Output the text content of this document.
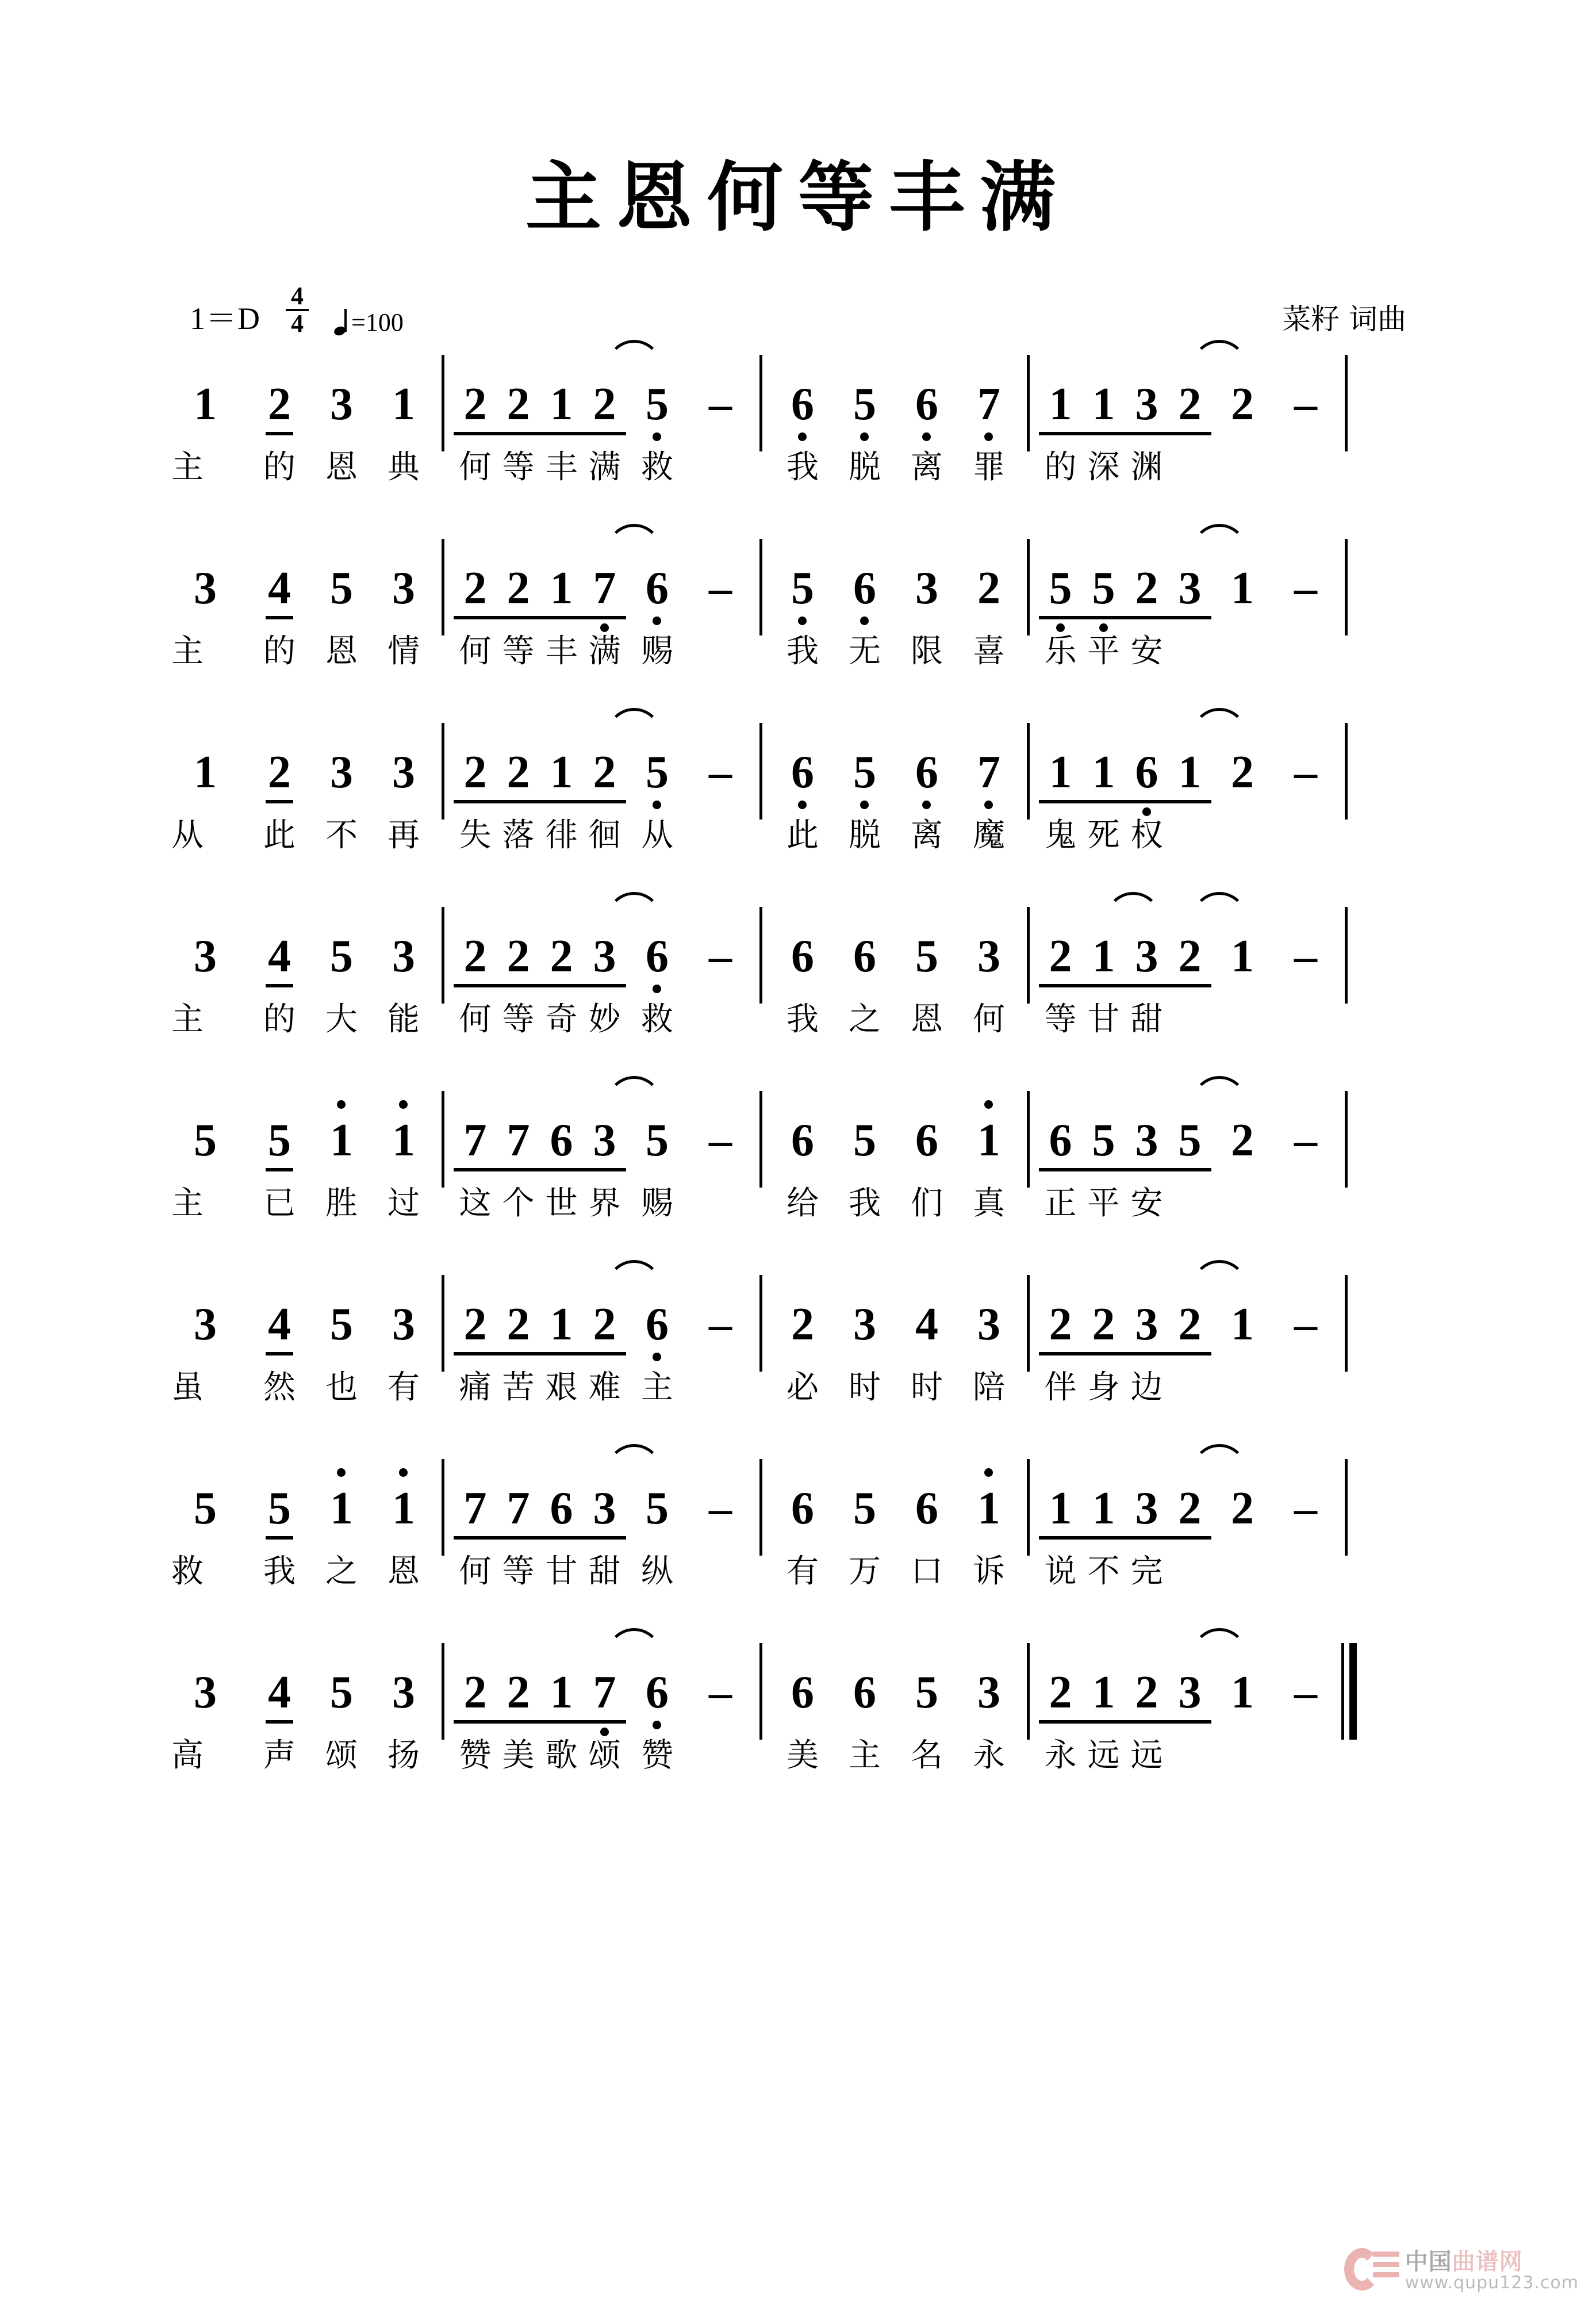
主恩何等丰满
$1=D \frac{4}{4} =100$	菜籽 词曲
1	2 3 1	2 2 1 2 5 –	6 5 6 7	1 1 3 2 2 –
主 的 恩 典 何 等 丰 满 救	我 脱 离 罪 的 深 渊
3	4 5 3	2 2 1 7 6 –	5 6 3 2	5 5 2 3 1 –
主 的 恩 情 何 等 丰 满 赐	我 无 限 喜 乐 平 安
1	2 3 3	2 2 1 2 5 –	6 5 6 7	1 1 6 1 2 –
从 此 不 再 失 落 徘 徊 从	此 脱 离 魔 鬼 死 权
3	4 5 3	2 2 2 3 6 –	6 6 5 3	2 1 3 2 1 –
主 的 大 能 何 等 奇 妙 救	我 之 恩 何 等 甘 甜
5	5 1 1	7 7 6 3 5 –	6 5 6 1	6 5 3 5 2 –
主 已 胜 过 这 个 世 界 赐	给 我 们 真 正 平 安
3	4 5 3	2 2 1 2 6 –	2 3 4 3	2 2 3 2 1 –
虽 然 也 有 痛 苦 艰 难 主	必 时 时 陪 伴 身 边
5	5 1 1	7 7 6 3 5 –	6 5 6 1	1 1 3 2 2 –
救 我 之 恩 何 等 甘 甜 纵	有 万 口 诉 说 不 完
3	4 5 3	2 2 1 7 6 –	6 6 5 3	2 1 2 3 1 –
高 声 颂 扬 赞 美 歌 颂 赞	美 主 名 永 永 远 远
中国曲谱网
www.qupu123.com
